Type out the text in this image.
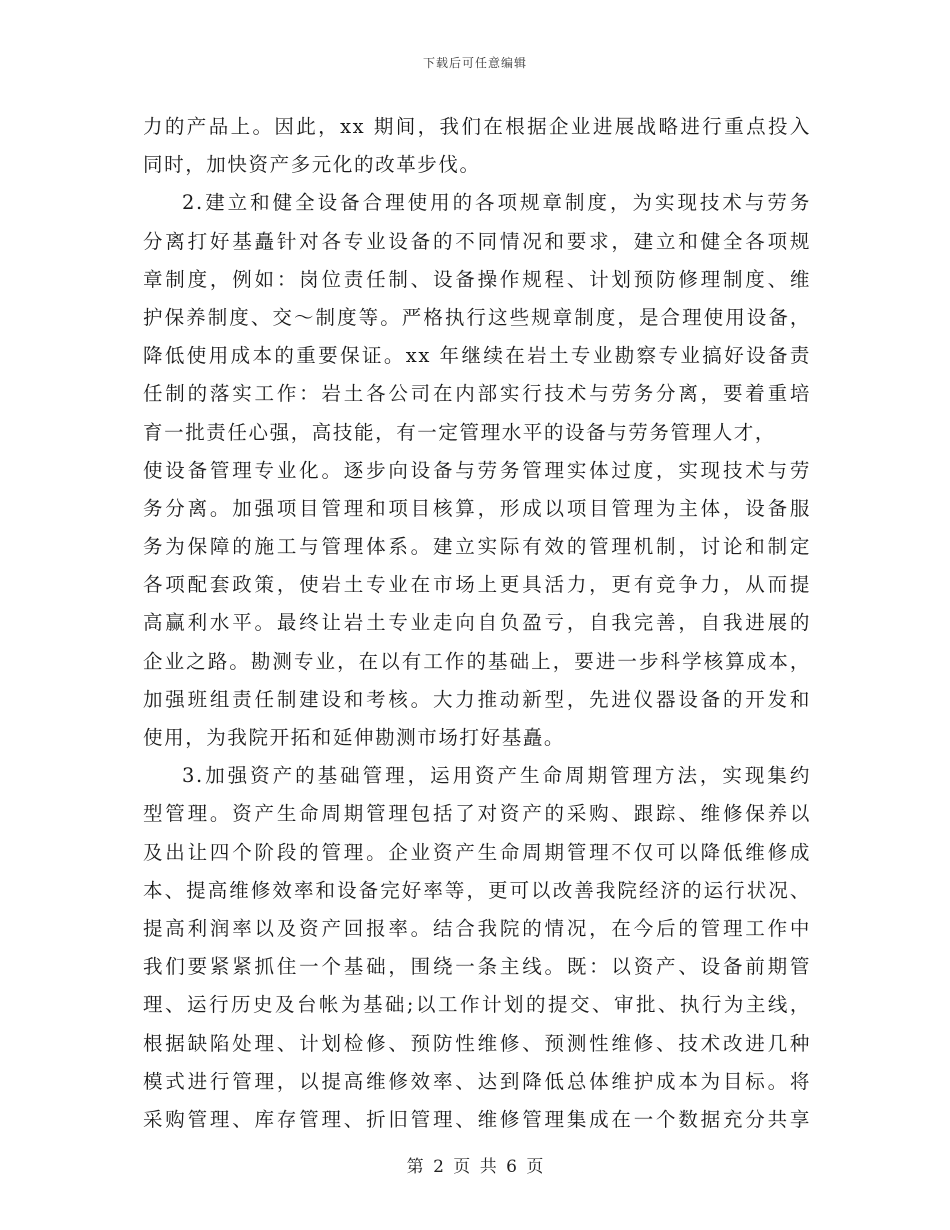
下载后可任意编辑
力的产品上。因此，xx 期间，我们在根据企业进展战略进行重点投入
同时，加快资产多元化的改革步伐。
2.建立和健全设备合理使用的各项规章制度，为实现技术与劳务
分离打好基矗针对各专业设备的不同情况和要求，建立和健全各项规
章制度，例如：岗位责任制、设备操作规程、计划预防修理制度、维
护保养制度、交～制度等。严格执行这些规章制度，是合理使用设备，
降低使用成本的重要保证。xx 年继续在岩土专业勘察专业搞好设备责
任制的落实工作：岩土各公司在内部实行技术与劳务分离，要着重培
育一批责任心强，高技能，有一定管理水平的设备与劳务管理人才，
使设备管理专业化。逐步向设备与劳务管理实体过度，实现技术与劳
务分离。加强项目管理和项目核算，形成以项目管理为主体，设备服
务为保障的施工与管理体系。建立实际有效的管理机制，讨论和制定
各项配套政策，使岩土专业在市场上更具活力，更有竞争力，从而提
高赢利水平。最终让岩土专业走向自负盈亏，自我完善，自我进展的
企业之路。勘测专业，在以有工作的基础上，要进一步科学核算成本，
加强班组责任制建设和考核。大力推动新型，先进仪器设备的开发和
使用，为我院开拓和延伸勘测市场打好基矗。
3.加强资产的基础管理，运用资产生命周期管理方法，实现集约
型管理。资产生命周期管理包括了对资产的采购、跟踪、维修保养以
及出让四个阶段的管理。企业资产生命周期管理不仅可以降低维修成
本、提高维修效率和设备完好率等，更可以改善我院经济的运行状况、
提高利润率以及资产回报率。结合我院的情况，在今后的管理工作中
我们要紧紧抓住一个基础，围绕一条主线。既：以资产、设备前期管
理、运行历史及台帐为基础;以工作计划的提交、审批、执行为主线，
根据缺陷处理、计划检修、预防性维修、预测性维修、技术改进几种
模式进行管理，以提高维修效率、达到降低总体维护成本为目标。将
采购管理、库存管理、折旧管理、维修管理集成在一个数据充分共享
第 2 页 共 6 页
